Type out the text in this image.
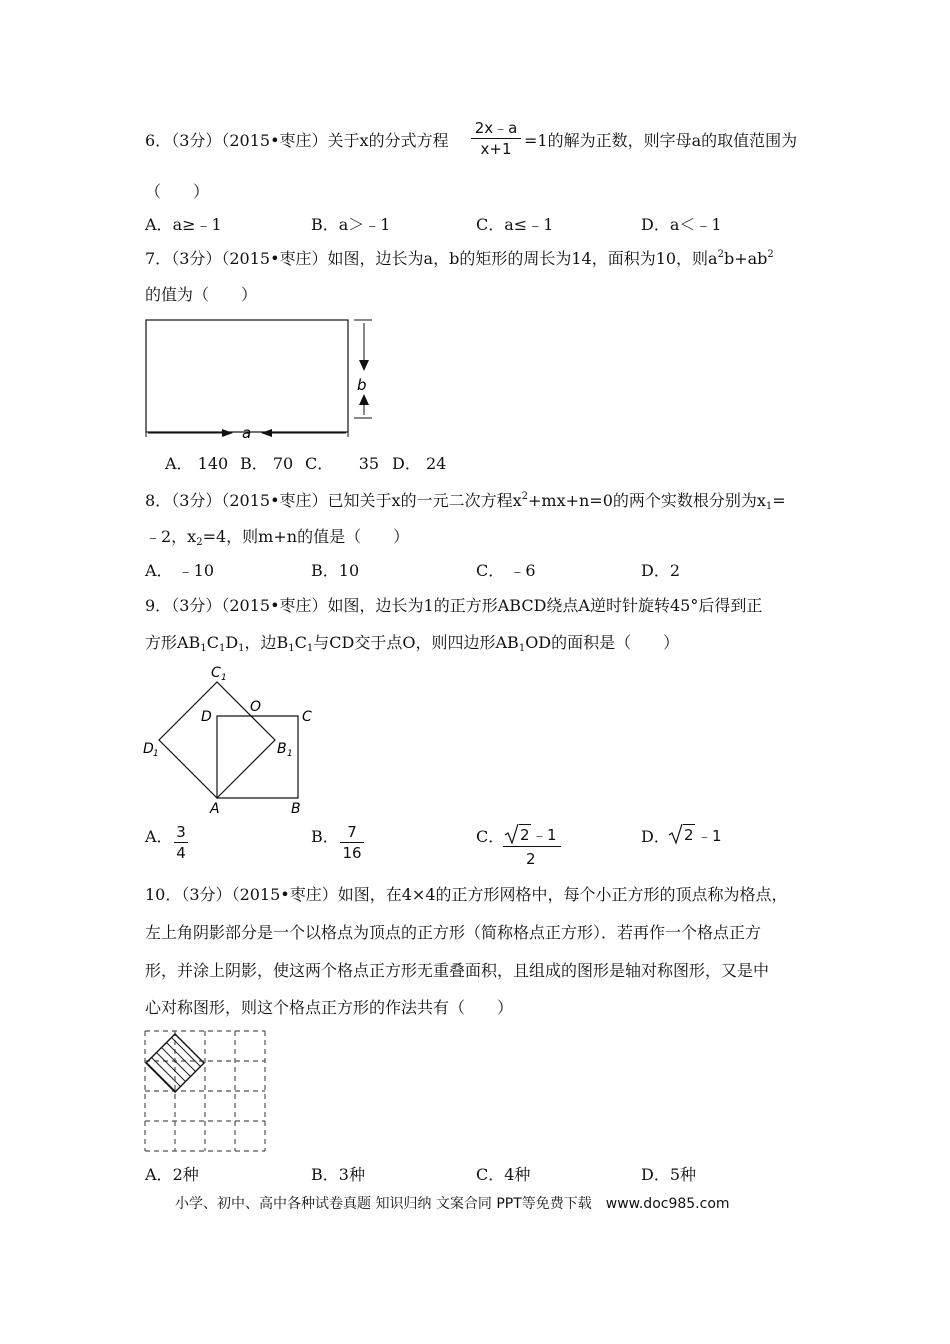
6．（3分）（2015•枣庄）关于x的分式方程
2x﹣a
x+1 =1的解为正数，则字母a的取值范围为
（　　）
A．a≥﹣1	B．a＞﹣1	C．a≤﹣1	D．a＜﹣1
7．（3分）（2015•枣庄）如图，边长为a，b的矩形的周长为14，面积为10，则$a^2b+ab^2$
的值为（　　）
b
a
A． 140 B． 70 C． 35 D． 24
8．（3分）（2015•枣庄）已知关于x的一元二次方程$x^2+mx+n=0$的两个实数根分别为$x_1=$
﹣2，$x_2=4$，则m+n的值是（　　）
A． ﹣10	B．10	C． ﹣6	D．2
9．（3分）（2015•枣庄）如图，边长为1的正方形ABCD绕点A逆时针旋转45°后得到正
方形$AB_1C_1D_1$，边$B_1C_1$与CD交于点O，则四边形$AB_1OD$的面积是（　　）
A	B
C
D
O
B 1
C 1
D 1
A． 3
4
B． 7
16
C． 2 ﹣1
2
D． 2 ﹣1
10．（3分）（2015•枣庄）如图，在4×4的正方形网格中，每个小正方形的顶点称为格点，
左上角阴影部分是一个以格点为顶点的正方形（简称格点正方形）．若再作一个格点正方
形，并涂上阴影，使这两个格点正方形无重叠面积，且组成的图形是轴对称图形，又是中
心对称图形，则这个格点正方形的作法共有（　　）
A．2种	B．3种	C．4种	D．5种
小学、初中、高中各种试卷真题 知识归纳 文案合同 PPT等免费下载　www.doc985.com
